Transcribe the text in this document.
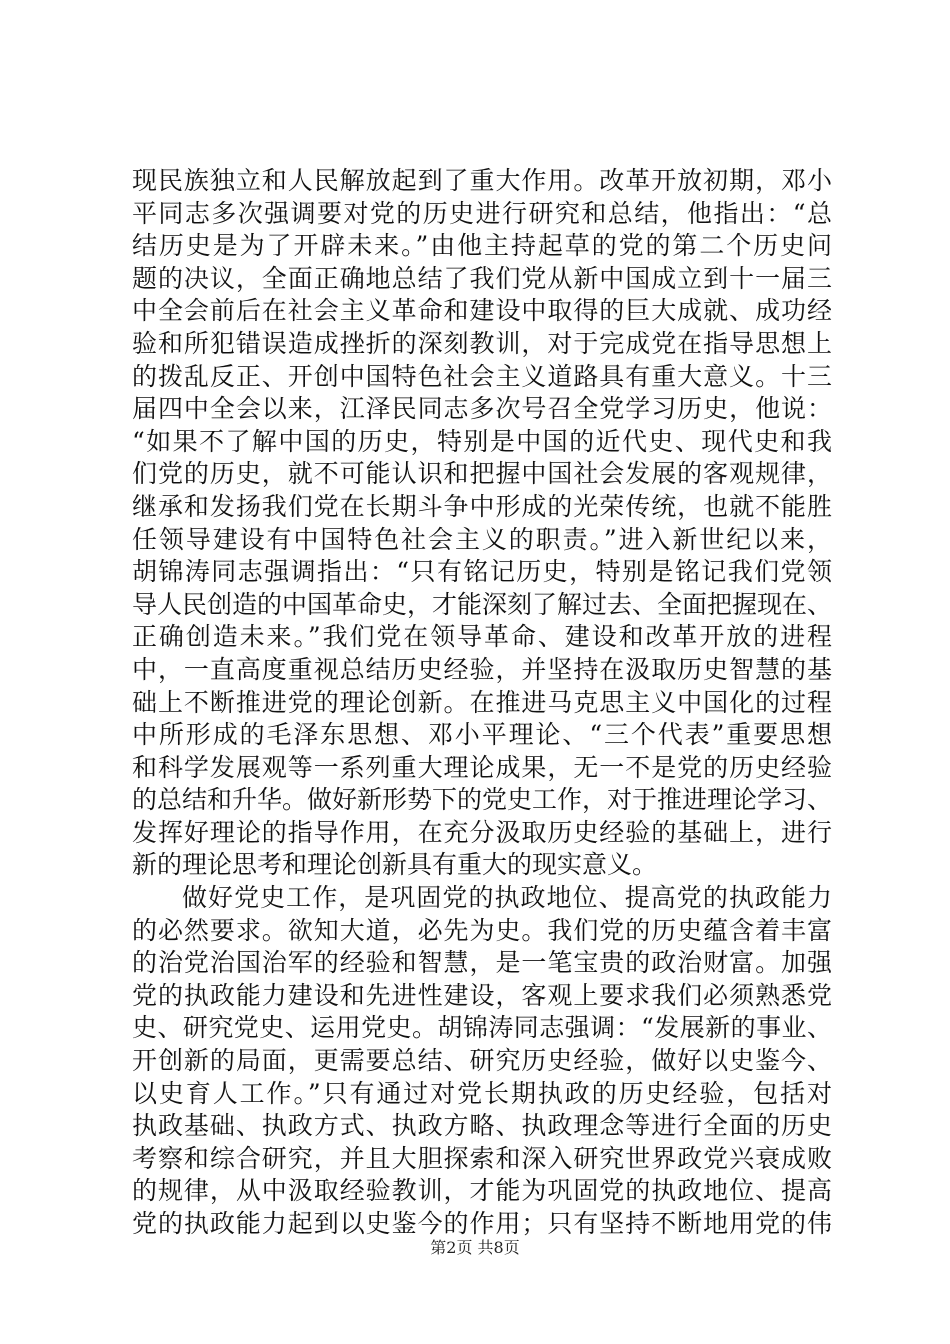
现民族独立和人民解放起到了重大作用。改革开放初期，邓小
平同志多次强调要对党的历史进行研究和总结，他指出：“总
结历史是为了开辟未来。”由他主持起草的党的第二个历史问
题的决议，全面正确地总结了我们党从新中国成立到十一届三
中全会前后在社会主义革命和建设中取得的巨大成就、成功经
验和所犯错误造成挫折的深刻教训，对于完成党在指导思想上
的拨乱反正、开创中国特色社会主义道路具有重大意义。十三
届四中全会以来，江泽民同志多次号召全党学习历史，他说：
“如果不了解中国的历史，特别是中国的近代史、现代史和我
们党的历史，就不可能认识和把握中国社会发展的客观规律，
继承和发扬我们党在长期斗争中形成的光荣传统，也就不能胜
任领导建设有中国特色社会主义的职责。”进入新世纪以来，
胡锦涛同志强调指出：“只有铭记历史，特别是铭记我们党领
导人民创造的中国革命史，才能深刻了解过去、全面把握现在、
正确创造未来。”我们党在领导革命、建设和改革开放的进程
中，一直高度重视总结历史经验，并坚持在汲取历史智慧的基
础上不断推进党的理论创新。在推进马克思主义中国化的过程
中所形成的毛泽东思想、邓小平理论、“三个代表”重要思想
和科学发展观等一系列重大理论成果，无一不是党的历史经验
的总结和升华。做好新形势下的党史工作，对于推进理论学习、
发挥好理论的指导作用，在充分汲取历史经验的基础上，进行
新的理论思考和理论创新具有重大的现实意义。
做好党史工作，是巩固党的执政地位、提高党的执政能力
的必然要求。欲知大道，必先为史。我们党的历史蕴含着丰富
的治党治国治军的经验和智慧，是一笔宝贵的政治财富。加强
党的执政能力建设和先进性建设，客观上要求我们必须熟悉党
史、研究党史、运用党史。胡锦涛同志强调：“发展新的事业、
开创新的局面，更需要总结、研究历史经验，做好以史鉴今、
以史育人工作。”只有通过对党长期执政的历史经验，包括对
执政基础、执政方式、执政方略、执政理念等进行全面的历史
考察和综合研究，并且大胆探索和深入研究世界政党兴衰成败
的规律，从中汲取经验教训，才能为巩固党的执政地位、提高
党的执政能力起到以史鉴今的作用；只有坚持不断地用党的伟
第2页 共8页
